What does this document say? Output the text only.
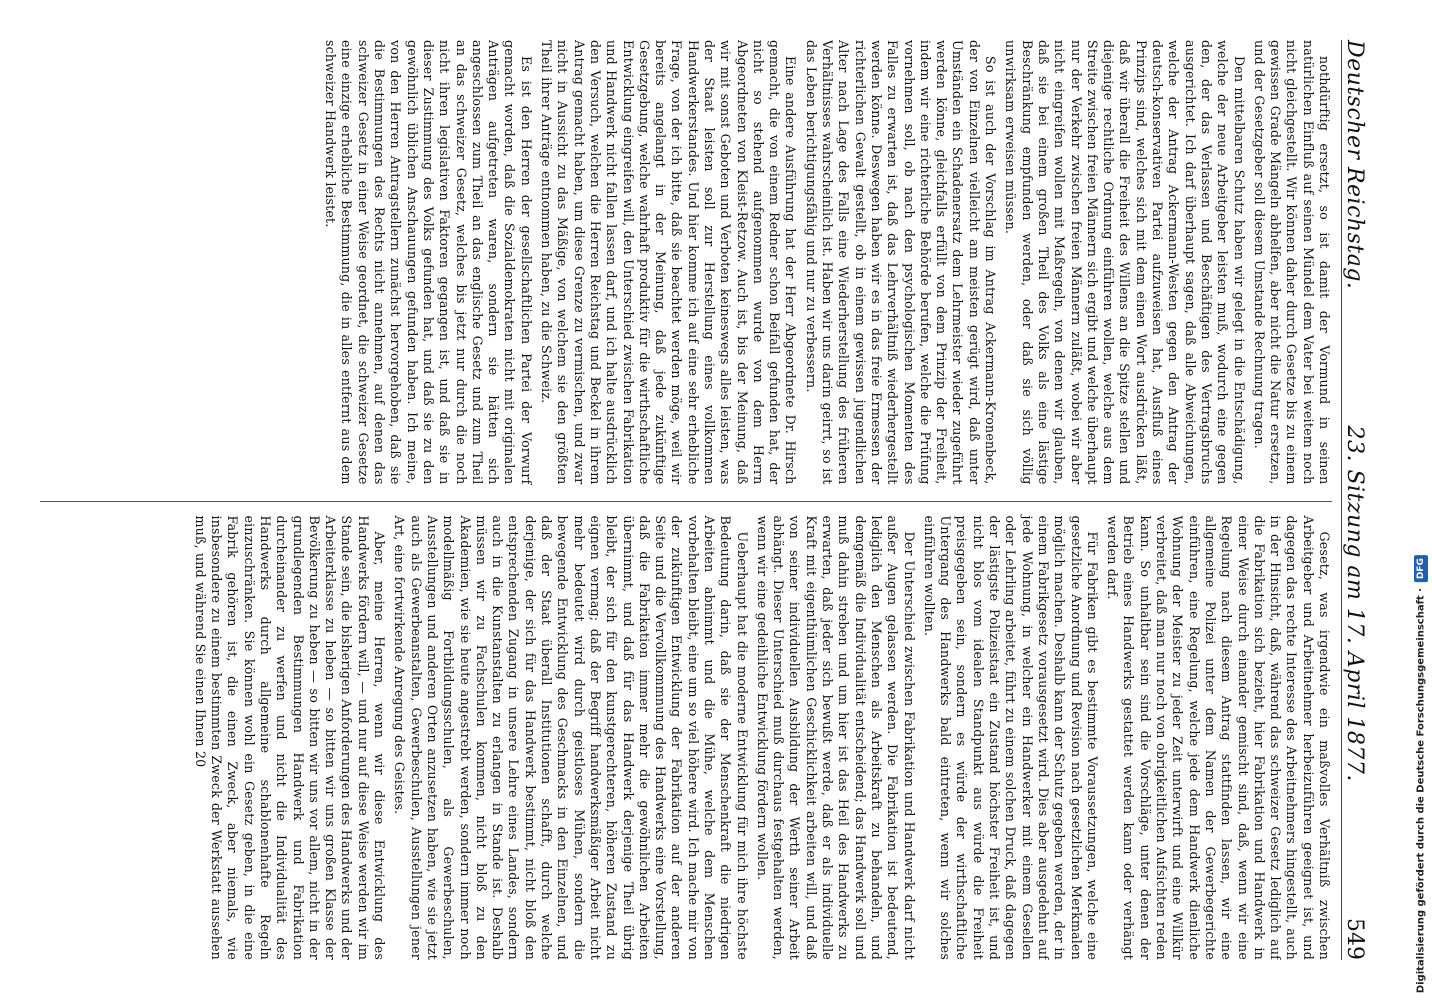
Deutscher Reichstag.
23. Sitzung am 17. April 1877.
549

nothdürftig ersetzt, so ist damit der Vormund in seinen natürlichen Einfluß auf seinen Mündel dem Vater bei weitem noch nicht gleichgestellt. Wir können daher durch Gesetze bis zu einem gewissen Grade Mängeln abhelfen, aber nicht die Natur ersetzen, und der Gesetzgeber soll diesem Umstande Rechnung tragen.

Den mittelbaren Schutz haben wir gelegt in die Entschädigung, welche der neue Arbeitgeber leisten muß, wodurch eine gegen den, der das Verlassen und Beschäftigen des Vertragsbruchs ausgerichtet. Ich darf überhaupt sagen, daß alle Abweichungen, welche der Antrag Ackermann-Westen gegen den Antrag der deutsch-konservativen Partei aufzuweisen hat, Ausfluß eines Prinzips sind, welches sich mit dem einen Wort ausdrücken läßt, daß wir überall die Freiheit des Willens an die Spitze stellen und diejenige rechtliche Ordnung einführen wollen, welche aus dem Streite zwischen freien Männern sich ergibt und welche überhaupt nur der Verkehr zwischen freien Männern zuläßt, wobei wir aber nicht eingreifen wollen mit Maßregeln, von denen wir glauben, daß sie bei einem großen Theil des Volks als eine lästige Beschränkung empfunden werden, oder daß sie sich völlig unwirksam erweisen müssen.

So ist auch der Vorschlag im Antrag Ackermann-Kronenbeck, der von Einzelnen vielleicht am meisten gerügt wird, daß unter Umständen ein Schadenersatz dem Lehrmeister wieder zugeführt werden könne, gleichfalls erfüllt von dem Prinzip der Freiheit, indem wir eine richterliche Behörde berufen, welche die Prüfung vornehmen soll, ob nach den psychologischen Momenten des Falles zu erwarten ist, daß das Lehrverhältniß wiederhergestellt werden könne. Deswegen haben wir es in das freie Ermessen der richterlichen Gewalt gestellt, ob in einem gewissen jugendlichen Alter nach Lage des Falls eine Wiederherstellung des früheren Verhältnisses wahrscheinlich ist. Haben wir uns darin geirrt, so ist das Leben berichtigungsfähig und nur zu verbessern.

Eine andere Ausführung hat der Herr Abgeordnete Dr. Hirsch gemacht, die von einem Redner schon Beifall gefunden hat, der nicht so stehend aufgenommen wurde von dem Herrn Abgeordneten von Kleist-Retzow. Auch ist, bis der Meinung, daß wir mit sonst Geboten und Verboten keineswegs alles leisten, was der Staat leisten soll zur Herstellung eines vollkommen Handwerkerstandes. Und hier komme ich auf eine sehr erhebliche Frage, von der ich bitte, daß sie beachtet werden möge, weil wir bereits angelangt in der Meinung, daß jede zukünftige Gesetzgebung, welche wahrhaft produktiv für die wirthschaftliche Entwicklung eingreifen will, den Unterschied zwischen Fabrikation und Handwerk nicht fallen lassen darf, und ich halte ausdrücklich den Versuch, welchen die Herren Reichstag und Beckel in ihrem Antrag gemacht haben, um diese Grenze zu vermischen, und zwar nicht in Aussicht zu das Mäßige, von welchem sie den größten Theil ihrer Anträge entnommen haben, zu die Schweiz.

Es ist den Herren der gesellschaftlichen Partei der Vorwurf gemacht worden, daß die Sozialdemokraten nicht mit originalen Anträgen aufgetreten waren, sondern sie hätten sich angeschlossen zum Theil an das englische Gesetz und zum Theil an das schweizer Gesetz, welches bis jetzt nur durch die noch nicht ihren legislativen Faktoren gegangen ist, und daß sie in dieser Zustimmung des Volks gefunden hat, und daß sie zu den gewöhnlich üblichen Anschauungen gefunden haben. Ich meine, von den Herren Antragstellern zunächst hervorgehoben, daß sie die Bestimmungen des Rechts nicht annehmen, auf denen das schweizer Gesetz in einer Weise geordnet, die schweizer Gesetze eine einzige erhebliche Bestimmung, die in alles entfernt aus dem schweizer Handwerk leistet.

Gesetz, was irgendwie ein maßvolles Verhältniß zwischen Arbeitgeber und Arbeitnehmer herbeizuführen geeignet ist, und dagegen das rechte Interesse des Arbeitnehmers hingestellt, auch in der Hinsicht, daß, während das schweizer Gesetz lediglich auf die Fabrikation sich bezieht, hier Fabrikation und Handwerk in einer Weise durch einander gemischt sind, daß, wenn wir eine Regelung nach diesem Antrag stattfinden lassen, wir eine allgemeine Polizei unter dem Namen der Gewerbegerichte einführen, eine Regelung, welche jede dem Handwerk dienliche Wohnung der Meister zu jeder Zeit unterwirft und eine Willkür verbreitet, daß man nur noch von obrigkeitlichen Aufsichten reden kann. So unhaltbar sein sind die Vorschläge, unter denen der Betrieb eines Handwerks gestattet werden kann oder verhängt werden darf.

Für Fabriken gibt es bestimmte Voraussetzungen, welche eine gesetzliche Anordnung und Revision nach gesetzlichen Merkmalen möglich machen. Deshalb kann der Schutz gegeben werden, der in einem Fabrikgesetz vorausgesetzt wird. Dies aber ausgedehnt auf jede Wohnung, in welcher ein Handwerker mit einem Gesellen oder Lehrling arbeitet, führt zu einem solchen Druck, daß dagegen der lästigste Polizeistaat ein Zustand höchster Freiheit ist, und nicht blos vom idealen Standpunkt aus würde die Freiheit preisgegeben sein, sondern es würde der wirthschaftliche Untergang des Handwerks bald eintreten, wenn wir solches einführen wollten.

Der Unterschied zwischen Fabrikation und Handwerk darf nicht außer Augen gelassen werden. Die Fabrikation ist bedeutend, lediglich den Menschen als Arbeitskraft zu behandeln, und demgemäß die Individualität entscheidend; das Handwerk soll und muß dahin streben und um hier ist das Heil des Handwerks zu erwarten, daß jeder sich bewußt werde, daß er als individuelle Kraft mit eigenthümlichen Geschicklichkeit arbeiten will, und daß von seiner individuellen Ausbildung der Werth seiner Arbeit abhängt. Dieser Unterschied muß durchaus festgehalten werden, wenn wir eine gedeihliche Entwicklung fördern wollen.

Ueberhaupt hat die moderne Entwicklung für mich ihre höchste Bedeutung darin, daß sie der Menschenkraft die niedrigen Arbeiten abnimmt und die Mühe, welche dem Menschen vorbehalten bleibt, eine um so viel höhere wird. Ich mache mir von der zukünftigen Entwicklung der Fabrikation auf der anderen Seite und die Vervollkommnung des Handwerks eine Vorstellung, daß die Fabrikation immer mehr die gewöhnlichen Arbeiten übernimmt, und daß für das Handwerk derjenige Theil übrig bleibt, der sich für den kunstgerechteren, höheren Zustand zu eignen vermag; daß der Begriff handwerksmäßiger Arbeit nicht mehr bedeutet wird durch geistloses Mühen, sondern die bewegende Entwicklung des Geschmacks in den Einzelnen, und daß der Staat überall Institutionen schafft, durch welche derjenige, der sich für das Handwerk bestimmt, nicht bloß den entsprechenden Zugang in unsere Lehre eines Landes, sondern auch in die Kunstanstalten zu erlangen in Stande ist. Deshalb müssen wir zu Fachschulen kommen, nicht bloß zu den Akademien, wie sie heute angestrebt werden, sondern immer noch modellmäßig Fortbildungsschulen, als Gewerbeschulen, Ausstellungen und anderen Orten anzusetzen haben, wie sie jetzt auch als Gewerbeanstalten, Gewerbeschulen, Ausstellungen jener Art, eine fortwirkende Anregung des Geistes.

Aber, meine Herren, wenn wir diese Entwicklung des Handwerks fördern will, — und nur auf diese Weise werden wir im Stande sein, die bisherigen Anforderungen des Handwerks und der Arbeiterklasse zu heben — so bitten wir uns großen Klasse der Bevölkerung zu heben — so bitten wir uns vor allem, nicht in der grundlegenden Bestimmungen Handwerk und Fabrikation durcheinander zu werfen und nicht die Individualität des Handwerks durch allgemeine schablonenhafte Regeln einzuschränken. Sie können wohl ein Gesetz geben, in die eine Fabrik gehören ist, die einen Zweck, aber niemals, wie insbesondere zu einem bestimmten Zweck der Werkstatt aussehen muß, und während Sie einen Ihnen 20	Digitalisierung gefördert durch die Deutsche Forschungsgemeinschaft ·
DFG
